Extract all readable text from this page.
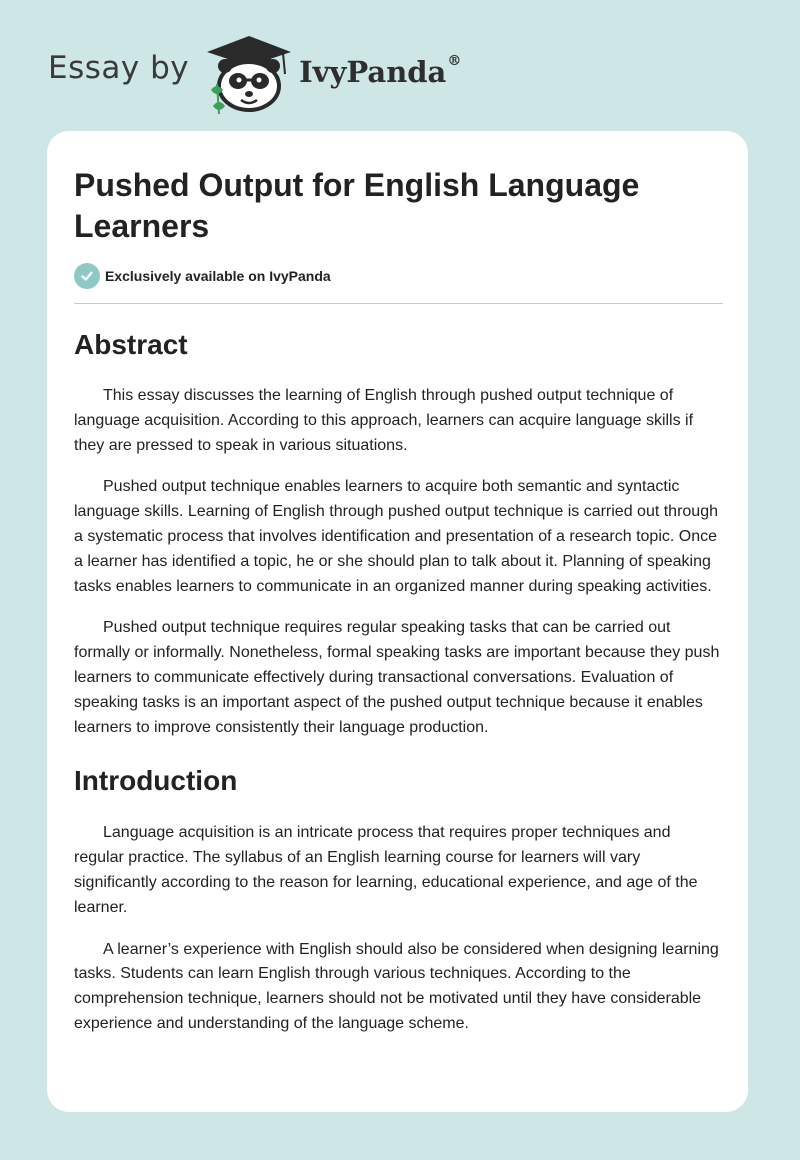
Essay by	IvyPanda®
Pushed Output for English Language Learners
Exclusively available on IvyPanda
Abstract

This essay discusses the learning of English through pushed output technique of language acquisition. According to this approach, learners can acquire language skills if they are pressed to speak in various situations.

Pushed output technique enables learners to acquire both semantic and syntactic language skills. Learning of English through pushed output technique is carried out through a systematic process that involves identification and presentation of a research topic. Once a learner has identified a topic, he or she should plan to talk about it. Planning of speaking tasks enables learners to communicate in an organized manner during speaking activities.

Pushed output technique requires regular speaking tasks that can be carried out formally or informally. Nonetheless, formal speaking tasks are important because they push learners to communicate effectively during transactional conversations. Evaluation of speaking tasks is an important aspect of the pushed output technique because it enables learners to improve consistently their language production.

Introduction

Language acquisition is an intricate process that requires proper techniques and regular practice. The syllabus of an English learning course for learners will vary significantly according to the reason for learning, educational experience, and age of the learner.

A learner’s experience with English should also be considered when designing learning tasks. Students can learn English through various techniques. According to the comprehension technique, learners should not be motivated until they have considerable experience and understanding of the language scheme.
